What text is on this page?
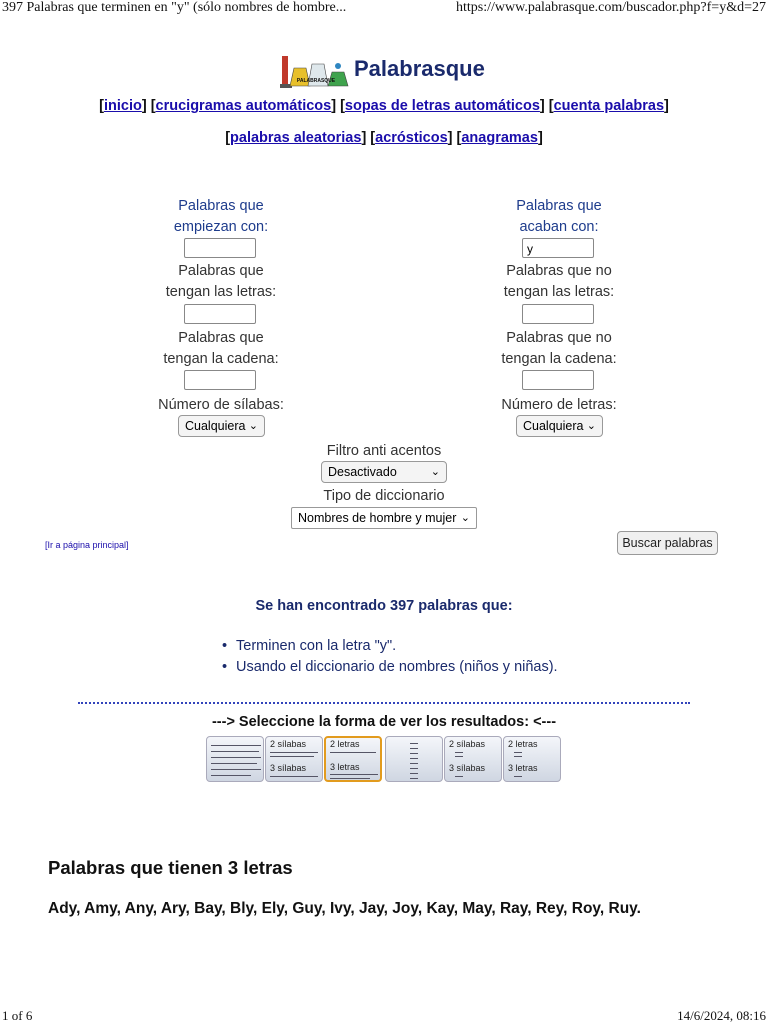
397 Palabras que terminen en "y" (sólo nombres de hombre...	https://www.palabrasque.com/buscador.php?f=y&d=27
1 of 6	14/6/2024, 08:16
PALABRASQUE Palabrasque
[inicio] [crucigramas automáticos] [sopas de letras automáticos] [cuenta palabras]
[palabras aleatorias] [acrósticos] [anagramas]
Palabras que
empiezan con:
Palabras que
tengan las letras:
Palabras que
tengan la cadena:
Número de sílabas:
Cualquiera ⌄
Palabras que
acaban con:
y
Palabras que no
tengan las letras:
Palabras que no
tengan la cadena:
Número de letras:
Cualquiera ⌄
Filtro anti acentos
Desactivado	⌄
Tipo de diccionario
Nombres de hombre y mujer ⌄
[Ir a página principal]	Buscar palabras
Se han encontrado 397 palabras que:
• Terminen con la letra "y".
• Usando el diccionario de nombres (niños y niñas).
---> Seleccione la forma de ver los resultados: <---
2 sílabas
3 sílabas
2 letras
3 letras
2 sílabas
3 sílabas
2 letras
3 letras
Palabras que tienen 3 letras
Ady, Amy, Any, Ary, Bay, Bly, Ely, Guy, Ivy, Jay, Joy, Kay, May, Ray, Rey, Roy, Ruy.
